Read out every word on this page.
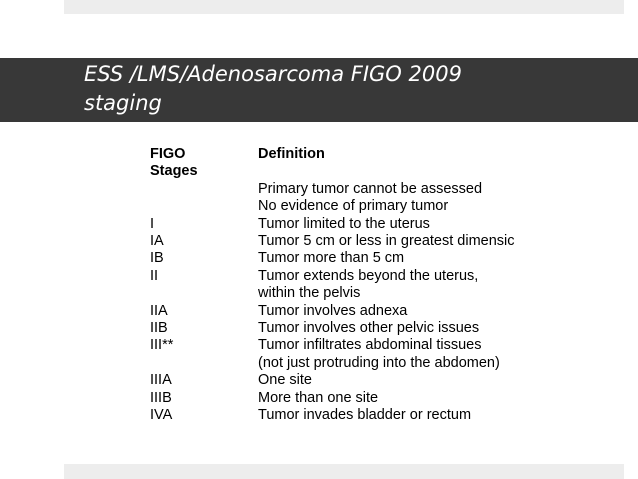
ESS /LMS/Adenosarcoma FIGO 2009
staging
FIGO
Stages	Definition
	Primary tumor cannot be assessed
	No evidence of primary tumor
I	Tumor limited to the uterus
IA	Tumor 5 cm or less in greatest dimensic
IB	Tumor more than 5 cm
II	Tumor extends beyond the uterus,
	within the pelvis
IIA	Tumor involves adnexa
IIB	Tumor involves other pelvic issues
III**	Tumor infiltrates abdominal tissues
	(not just protruding into the abdomen)
IIIA	One site
IIIB	More than one site
IVA	Tumor invades bladder or rectum
